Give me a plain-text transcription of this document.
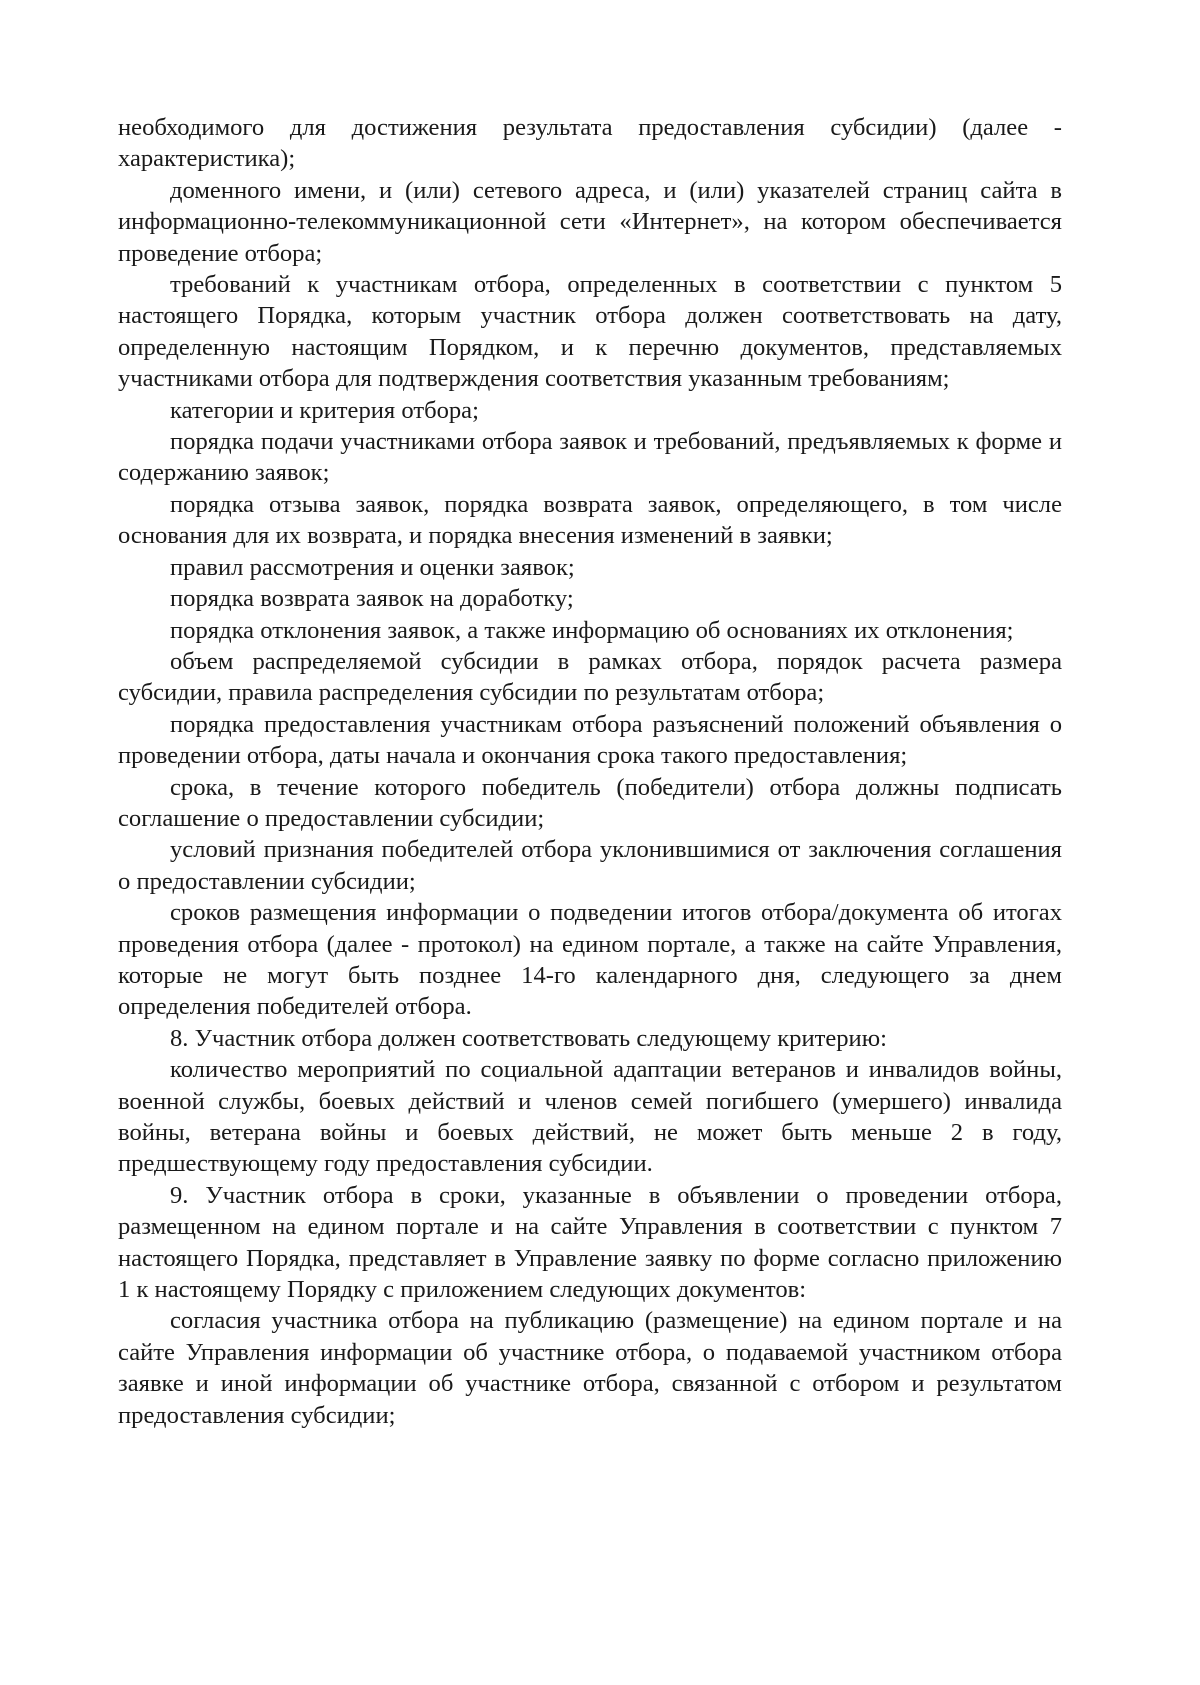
необходимого для достижения результата предоставления субсидии) (далее - характеристика);

доменного имени, и (или) сетевого адреса, и (или) указателей страниц сайта в информационно-телекоммуникационной сети «Интернет», на котором обеспечивается проведение отбора;

требований к участникам отбора, определенных в соответствии с пунктом 5 настоящего Порядка, которым участник отбора должен соответствовать на дату, определенную настоящим Порядком, и к перечню документов, представляемых участниками отбора для подтверждения соответствия указанным требованиям;

категории и критерия отбора;

порядка подачи участниками отбора заявок и требований, предъявляемых к форме и содержанию заявок;

порядка отзыва заявок, порядка возврата заявок, определяющего, в том числе основания для их возврата, и порядка внесения изменений в заявки;

правил рассмотрения и оценки заявок;

порядка возврата заявок на доработку;

порядка отклонения заявок, а также информацию об основаниях их отклонения;

объем распределяемой субсидии в рамках отбора, порядок расчета размера субсидии, правила распределения субсидии по результатам отбора;

порядка предоставления участникам отбора разъяснений положений объявления о проведении отбора, даты начала и окончания срока такого предоставления;

срока, в течение которого победитель (победители) отбора должны подписать соглашение о предоставлении субсидии;

условий признания победителей отбора уклонившимися от заключения соглашения о предоставлении субсидии;

сроков размещения информации о подведении итогов отбора/документа об итогах проведения отбора (далее - протокол) на едином портале, а также на сайте Управления, которые не могут быть позднее 14-го календарного дня, следующего за днем определения победителей отбора.

8. Участник отбора должен соответствовать следующему критерию:

количество мероприятий по социальной адаптации ветеранов и инвалидов войны, военной службы, боевых действий и членов семей погибшего (умершего) инвалида войны, ветерана войны и боевых действий, не может быть меньше 2 в году, предшествующему году предоставления субсидии.

9. Участник отбора в сроки, указанные в объявлении о проведении отбора, размещенном на едином портале и на сайте Управления в соответствии с пунктом 7 настоящего Порядка, представляет в Управление заявку по форме согласно приложению 1 к настоящему Порядку с приложением следующих документов:

согласия участника отбора на публикацию (размещение) на едином портале и на сайте Управления информации об участнике отбора, о подаваемой участником отбора заявке и иной информации об участнике отбора, связанной с отбором и результатом предоставления субсидии;
